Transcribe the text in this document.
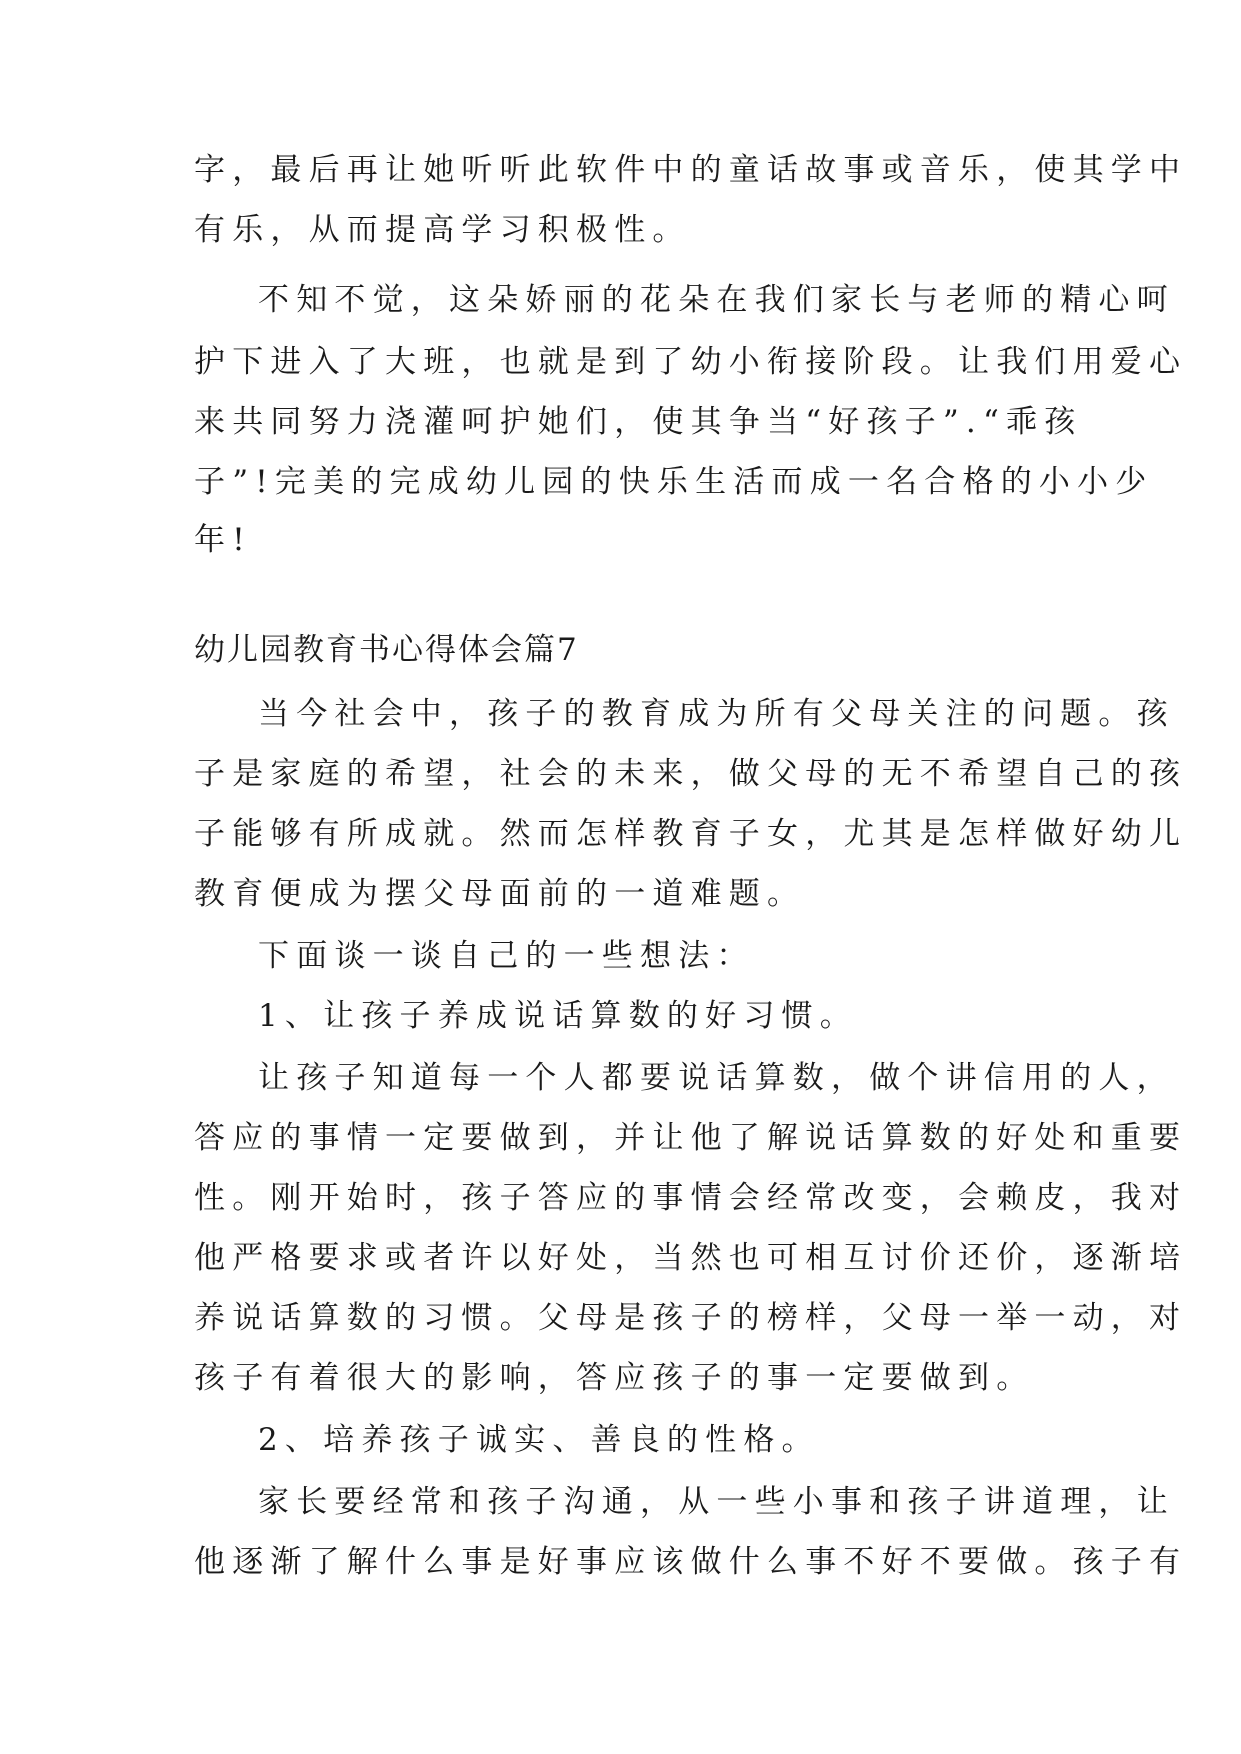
字，最后再让她听听此软件中的童话故事或音乐，使其学中
有乐，从而提高学习积极性。
不知不觉，这朵娇丽的花朵在我们家长与老师的精心呵
护下进入了大班，也就是到了幼小衔接阶段。让我们用爱心
来共同努力浇灌呵护她们，使其争当“好孩子”.“乖孩
子”!完美的完成幼儿园的快乐生活而成一名合格的小小少
年!
幼儿园教育书心得体会篇7
当今社会中，孩子的教育成为所有父母关注的问题。孩
子是家庭的希望，社会的未来，做父母的无不希望自己的孩
子能够有所成就。然而怎样教育子女，尤其是怎样做好幼儿
教育便成为摆父母面前的一道难题。
下面谈一谈自己的一些想法：
1、让孩子养成说话算数的好习惯。
让孩子知道每一个人都要说话算数，做个讲信用的人，
答应的事情一定要做到，并让他了解说话算数的好处和重要
性。刚开始时，孩子答应的事情会经常改变，会赖皮，我对
他严格要求或者许以好处，当然也可相互讨价还价，逐渐培
养说话算数的习惯。父母是孩子的榜样，父母一举一动，对
孩子有着很大的影响，答应孩子的事一定要做到。
2、培养孩子诚实、善良的性格。
家长要经常和孩子沟通，从一些小事和孩子讲道理，让
他逐渐了解什么事是好事应该做什么事不好不要做。孩子有
